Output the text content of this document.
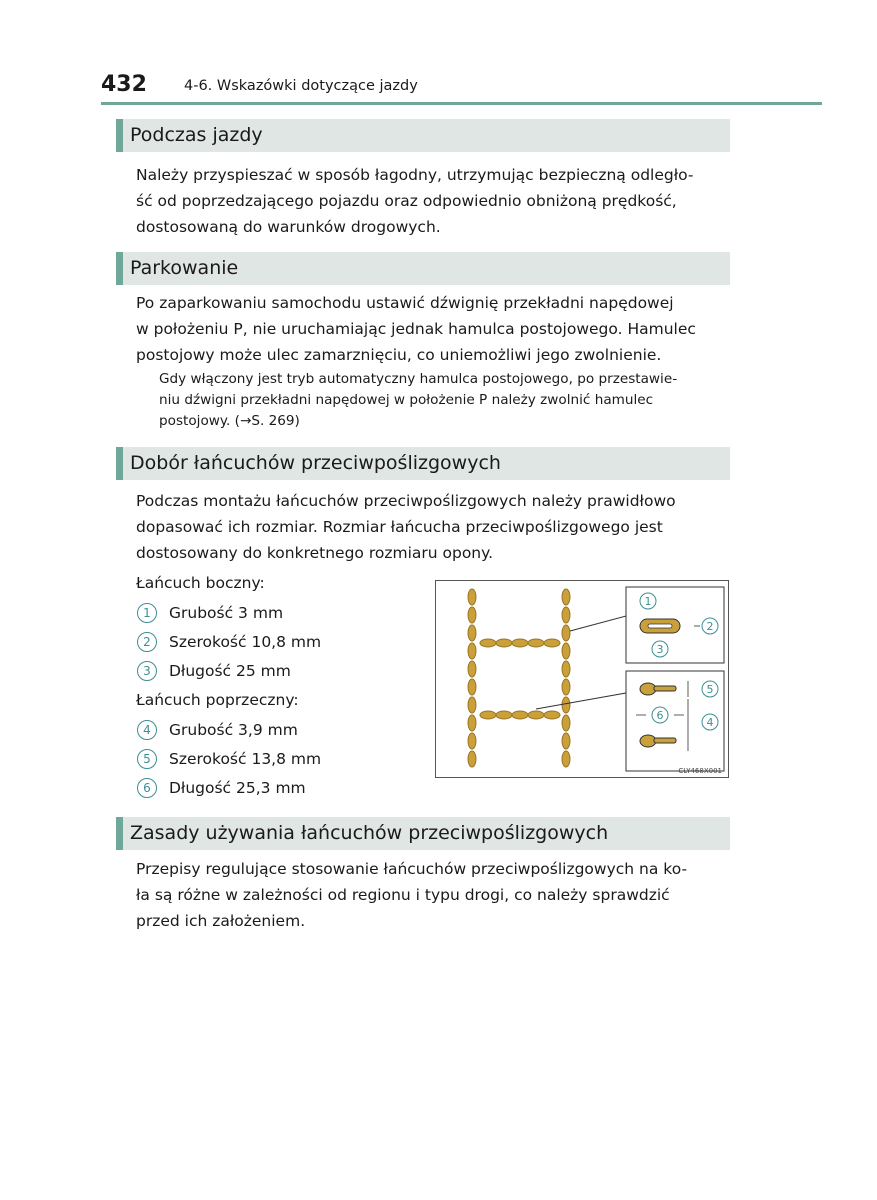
432	4-6. Wskazówki dotyczące jazdy
Podczas jazdy
Należy przyspieszać w sposób łagodny, utrzymując bezpieczną odległo-
ść od poprzedzającego pojazdu oraz odpowiednio obniżoną prędkość,
dostosowaną do warunków drogowych.
Parkowanie
Po zaparkowaniu samochodu ustawić dźwignię przekładni napędowej
w położeniu P, nie uruchamiając jednak hamulca postojowego. Hamulec
postojowy może ulec zamarznięciu, co uniemożliwi jego zwolnienie.
Gdy włączony jest tryb automatyczny hamulca postojowego, po przestawie-
niu dźwigni przekładni napędowej w położenie P należy zwolnić hamulec
postojowy. (→S. 269)
Dobór łańcuchów przeciwpoślizgowych
Podczas montażu łańcuchów przeciwpoślizgowych należy prawidłowo
dopasować ich rozmiar. Rozmiar łańcucha przeciwpoślizgowego jest
dostosowany do konkretnego rozmiaru opony.
Łańcuch boczny:
1	Grubość 3 mm
2	Szerokość 10,8 mm
3	Długość 25 mm
Łańcuch poprzeczny:
4	Grubość 3,9 mm
5	Szerokość 13,8 mm
6	Długość 25,3 mm
1
2
3
5
6
4
CLY468X001
Zasady używania łańcuchów przeciwpoślizgowych
Przepisy regulujące stosowanie łańcuchów przeciwpoślizgowych na ko-
ła są różne w zależności od regionu i typu drogi, co należy sprawdzić
przed ich założeniem.
